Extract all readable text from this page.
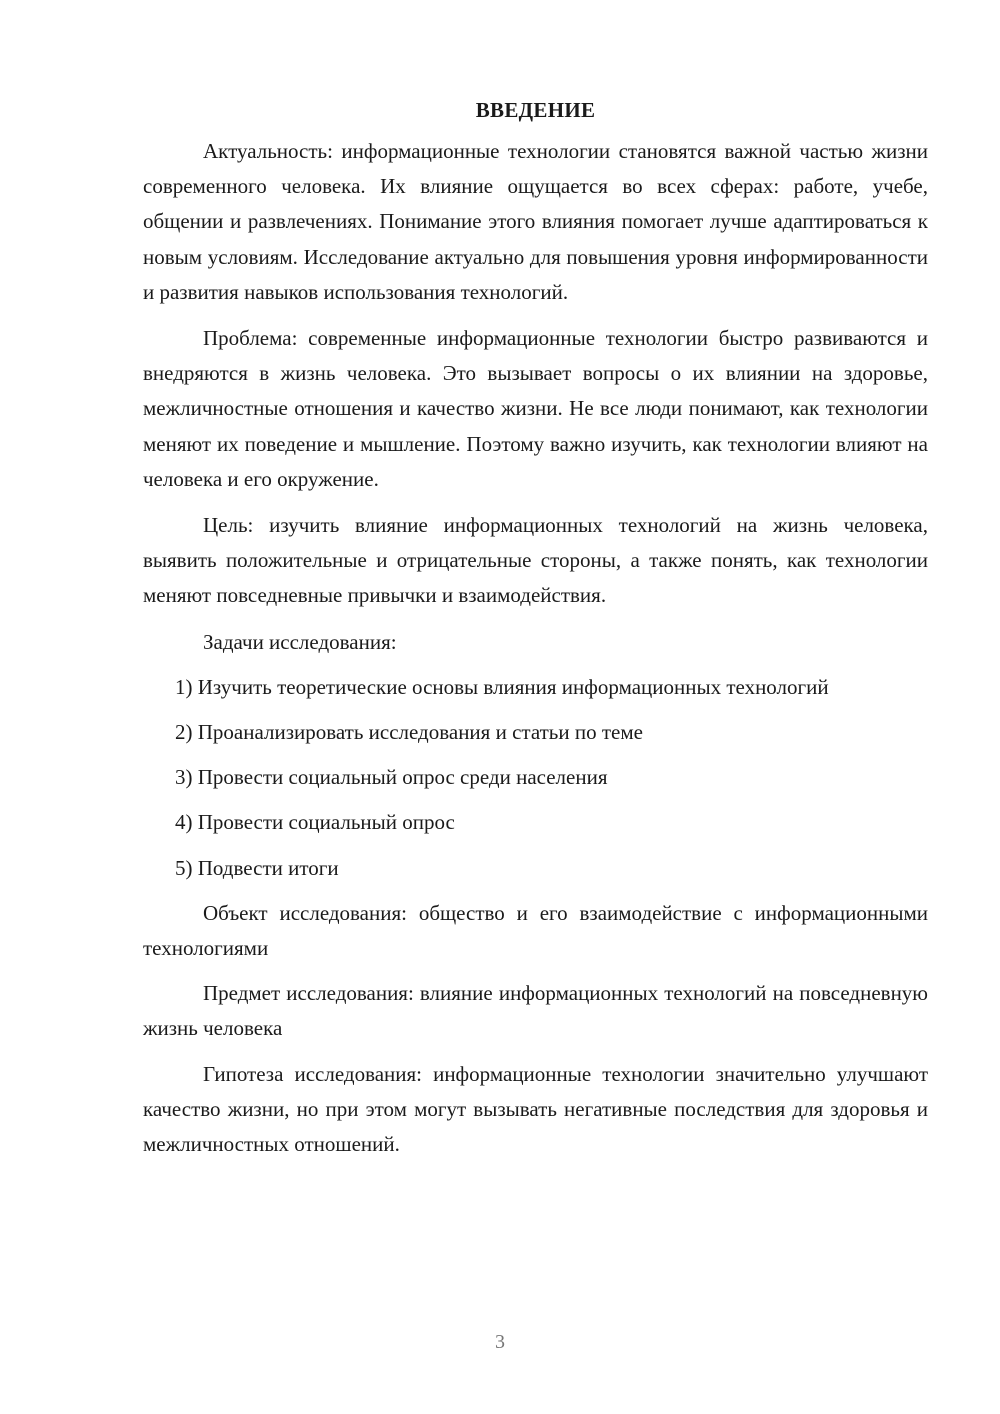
ВВЕДЕНИЕ

Актуальность: информационные технологии становятся важной частью жизни современного человека. Их влияние ощущается во всех сферах: работе, учебе, общении и развлечениях. Понимание этого влияния помогает лучше адаптироваться к новым условиям. Исследование актуально для повышения уровня информированности и развития навыков использования технологий.

Проблема: современные информационные технологии быстро развиваются и внедряются в жизнь человека. Это вызывает вопросы о их влиянии на здоровье, межличностные отношения и качество жизни. Не все люди понимают, как технологии меняют их поведение и мышление. Поэтому важно изучить, как технологии влияют на человека и его окружение.

Цель: изучить влияние информационных технологий на жизнь человека, выявить положительные и отрицательные стороны, а также понять, как технологии меняют повседневные привычки и взаимодействия.

Задачи исследования:

1) Изучить теоретические основы влияния информационных технологий

2) Проанализировать исследования и статьи по теме

3) Провести социальный опрос среди населения

4) Провести социальный опрос

5) Подвести итоги

Объект исследования: общество и его взаимодействие с информационными технологиями

Предмет исследования: влияние информационных технологий на повседневную жизнь человека

Гипотеза исследования: информационные технологии значительно улучшают качество жизни, но при этом могут вызывать негативные последствия для здоровья и межличностных отношений.

3
